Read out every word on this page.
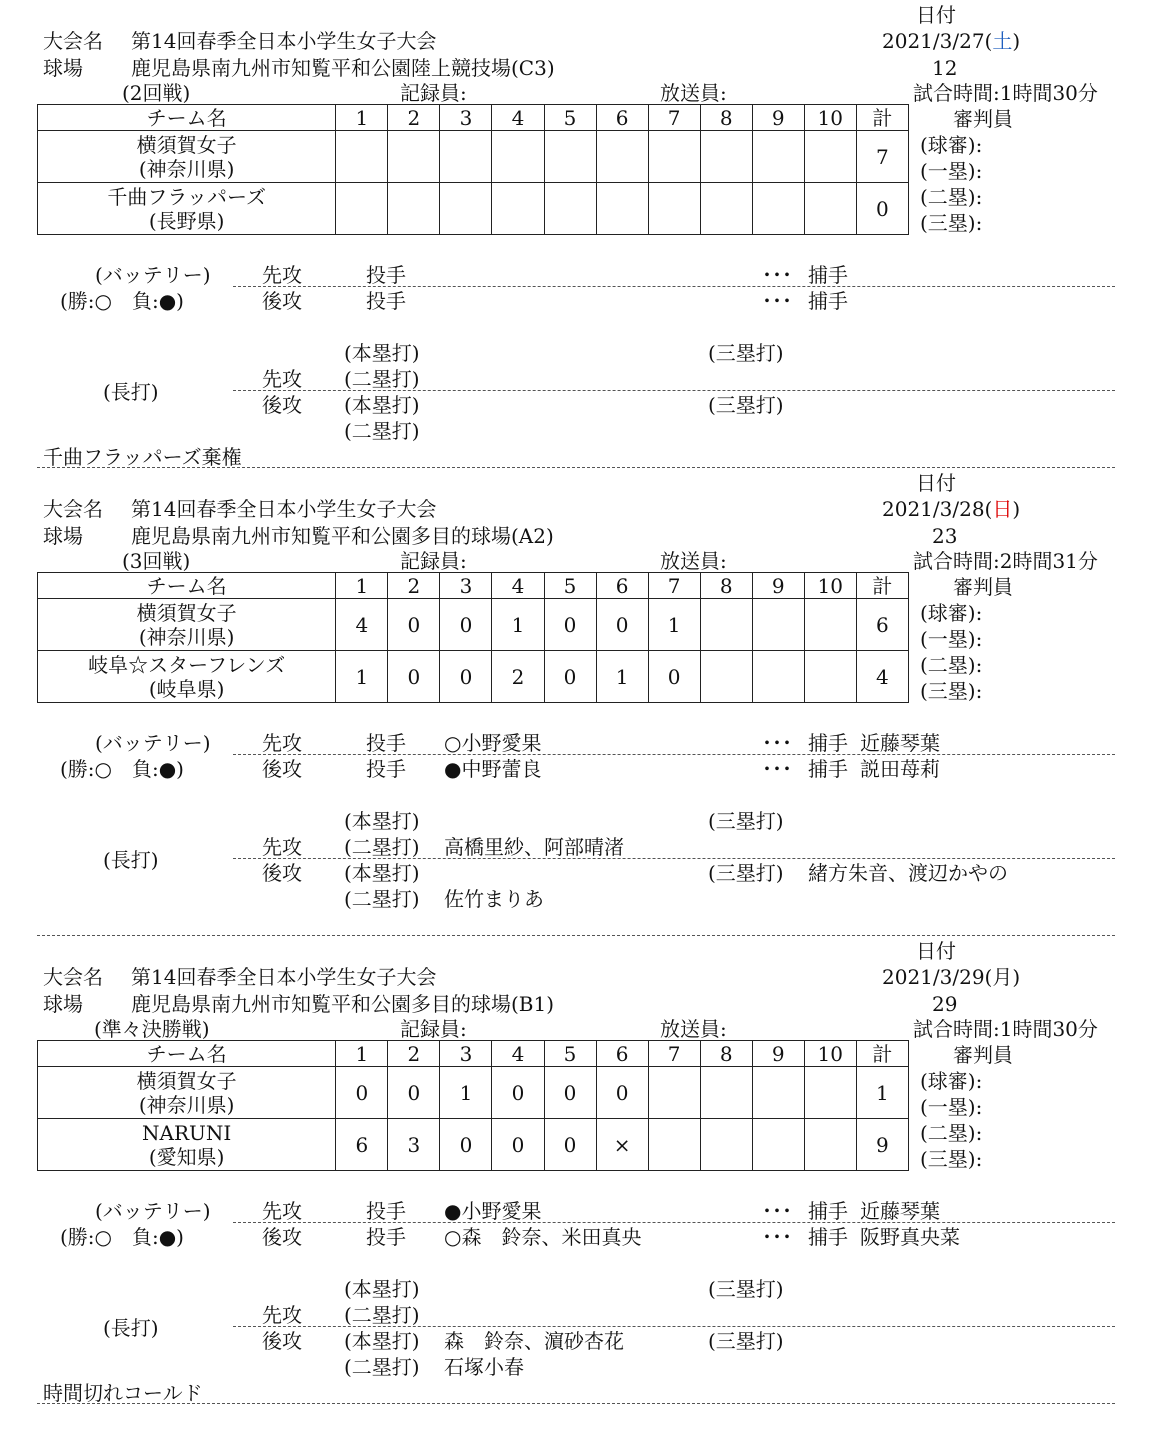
日付
2021/3/27(土)
12
大会名 第14回春季全日本小学生女子大会
球場 鹿児島県南九州市知覧平和公園陸上競技場(C3)
(2回戦)	記録員:	放送員:	試合時間:1時間30分
チーム名	1	2	3	4	5	6	7	8	9	10	計

横須賀女子
(神奈川県)											7

千曲フラッパーズ
(長野県)											0
審判員
(球審):
(一塁):
(二塁):
(三塁):
(バッテリー)
(勝:○　負:●)
先攻	投手	･･･ 捕手
後攻	投手	･･･ 捕手
(長打)
(本塁打)	(三塁打)
先攻 (二塁打)
後攻 (本塁打)	(三塁打)
(二塁打)
千曲フラッパーズ棄権
日付
2021/3/28(日)
23
大会名 第14回春季全日本小学生女子大会
球場 鹿児島県南九州市知覧平和公園多目的球場(A2)
(3回戦)	記録員:	放送員:	試合時間:2時間31分
チーム名	1	2	3	4	5	6	7	8	9	10	計

横須賀女子
(神奈川県)	4	0	0	1	0	0	1				6

岐阜☆スターフレンズ
(岐阜県)	1	0	0	2	0	1	0				4
審判員
(球審):
(一塁):
(二塁):
(三塁):
(バッテリー)
(勝:○　負:●)
先攻	投手 ○小野愛果	･･･ 捕手 近藤琴葉
後攻	投手 ●中野蕾良	･･･ 捕手 説田苺莉
(長打)
(本塁打)	(三塁打)
先攻 (二塁打) 高橋里紗、阿部晴渚
後攻 (本塁打)	(三塁打) 緒方朱音、渡辺かやの
(二塁打) 佐竹まりあ
日付
2021/3/29(月)
29
大会名 第14回春季全日本小学生女子大会
球場 鹿児島県南九州市知覧平和公園多目的球場(B1)
(準々決勝戦)	記録員:	放送員:	試合時間:1時間30分
チーム名	1	2	3	4	5	6	7	8	9	10	計

横須賀女子
(神奈川県)	0	0	1	0	0	0					1

NARUNI
(愛知県)	6	3	0	0	0	×					9
審判員
(球審):
(一塁):
(二塁):
(三塁):
(バッテリー)
(勝:○　負:●)
先攻	投手 ●小野愛果	･･･ 捕手 近藤琴葉
後攻	投手 ○森　鈴奈、米田真央	･･･ 捕手 阪野真央菜
(長打)
(本塁打)	(三塁打)
先攻 (二塁打)
後攻 (本塁打) 森　鈴奈、濵砂杏花	(三塁打)
(二塁打) 石塚小春
時間切れコールド
